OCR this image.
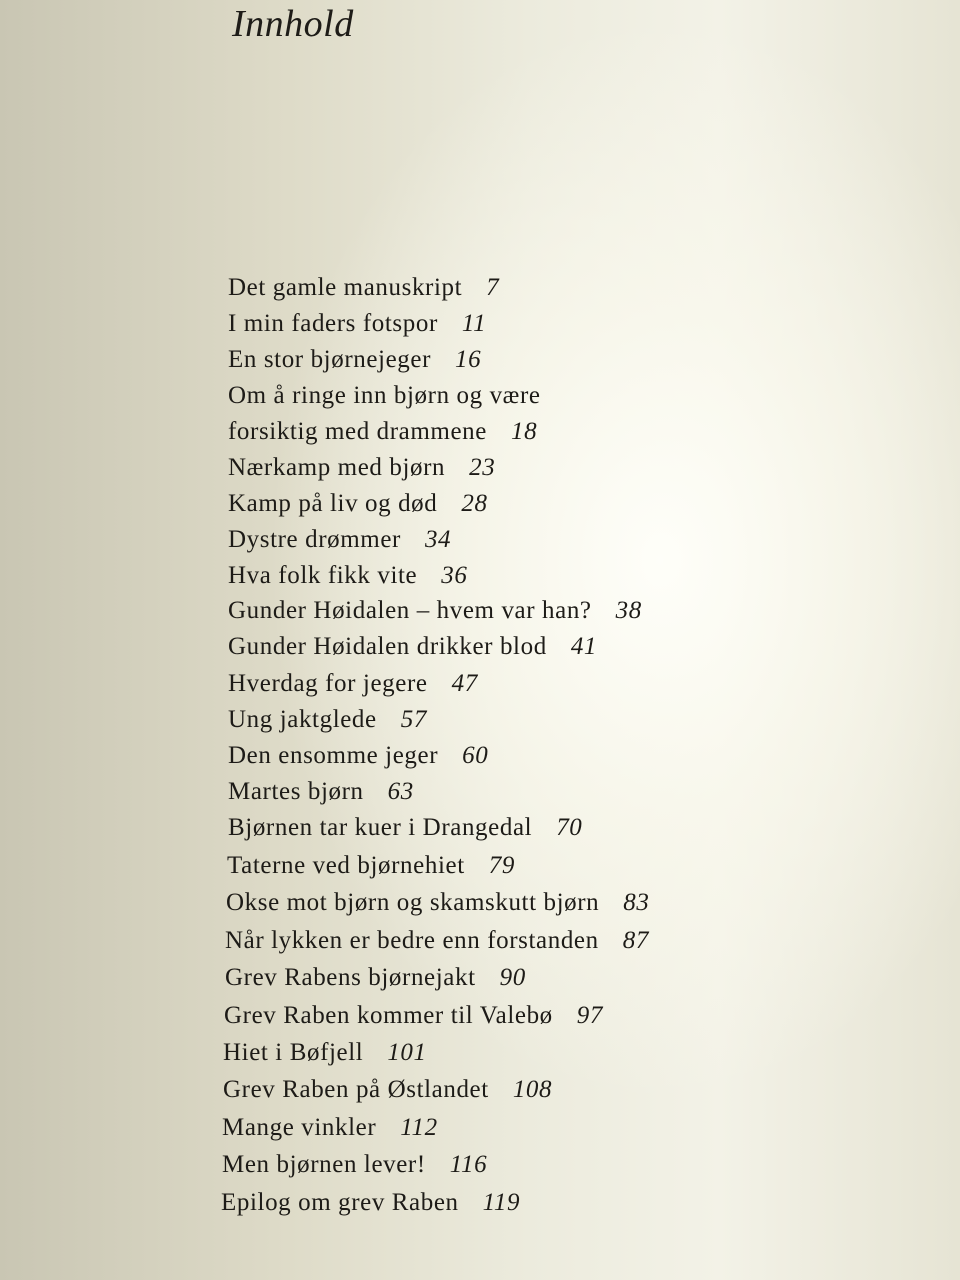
Innhold
Det gamle manuskript 7
I min faders fotspor 11
En stor bjørnejeger 16
Om å ringe inn bjørn og være
forsiktig med drammene 18
Nærkamp med bjørn 23
Kamp på liv og død 28
Dystre drømmer 34
Hva folk fikk vite 36
Gunder Høidalen – hvem var han? 38
Gunder Høidalen drikker blod 41
Hverdag for jegere 47
Ung jaktglede 57
Den ensomme jeger 60
Martes bjørn 63
Bjørnen tar kuer i Drangedal 70
Taterne ved bjørnehiet 79
Okse mot bjørn og skamskutt bjørn 83
Når lykken er bedre enn forstanden 87
Grev Rabens bjørnejakt 90
Grev Raben kommer til Valebø 97
Hiet i Bøfjell 101
Grev Raben på Østlandet 108
Mange vinkler 112
Men bjørnen lever! 116
Epilog om grev Raben 119
